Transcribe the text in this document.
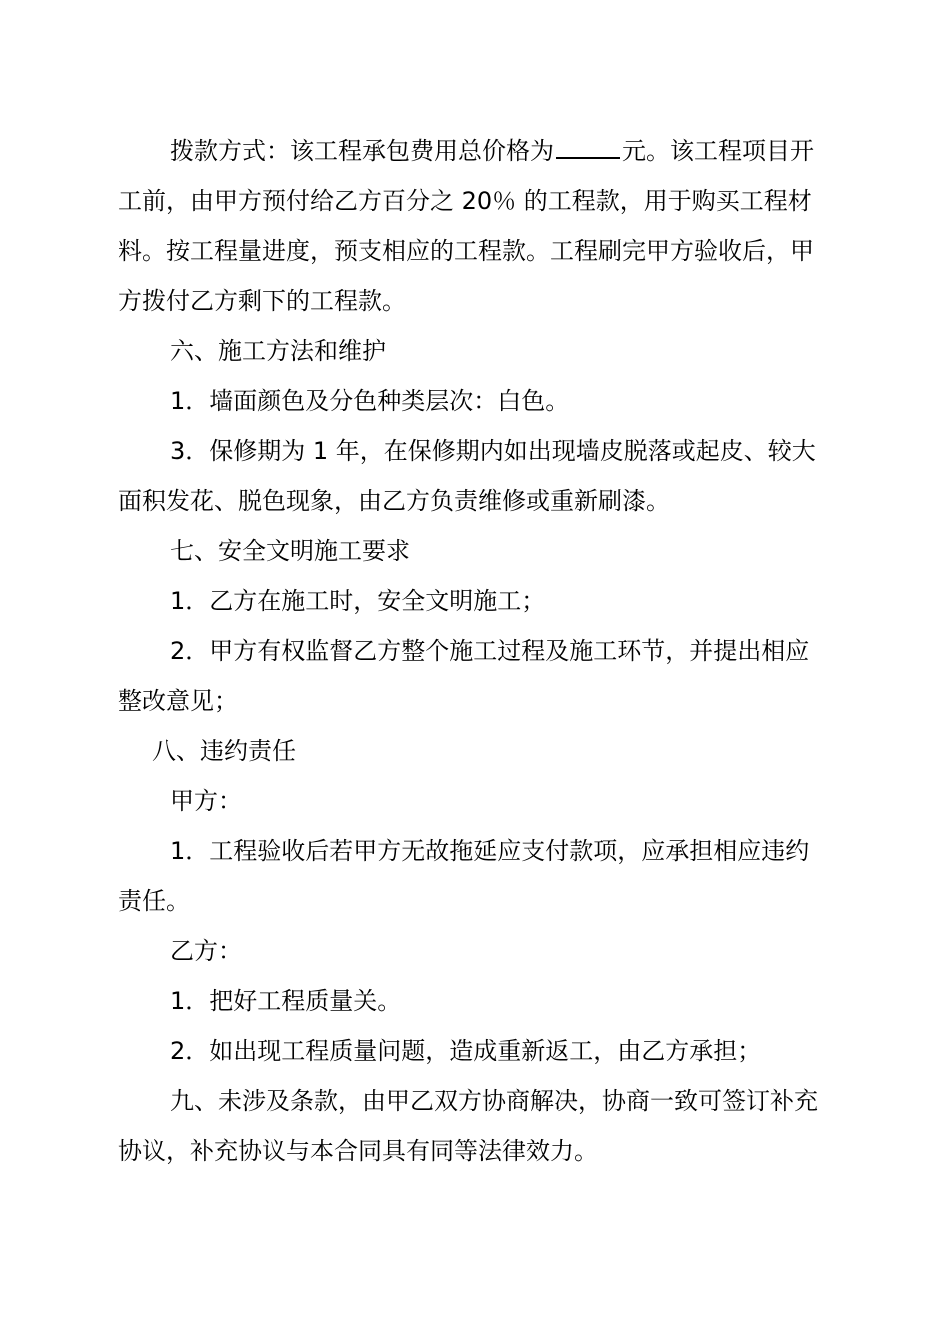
拨款方式：该工程承包费用总价格为	元。该工程项目开工前，由甲方预付给乙方百分之 20％ 的工程款，用于购买工程材料。按工程量进度，预支相应的工程款。工程刷完甲方验收后，甲方拨付乙方剩下的工程款。

六、施工方法和维护

1．墙面颜色及分色种类层次：白色。

3．保修期为 1 年，在保修期内如出现墙皮脱落或起皮、较大面积发花、脱色现象，由乙方负责维修或重新刷漆。

七、安全文明施工要求

1．乙方在施工时，安全文明施工；

2．甲方有权监督乙方整个施工过程及施工环节，并提出相应整改意见；

八、违约责任

甲方：

1．工程验收后若甲方无故拖延应支付款项，应承担相应违约责任。

乙方：

1．把好工程质量关。

2．如出现工程质量问题，造成重新返工，由乙方承担；

九、未涉及条款，由甲乙双方协商解决，协商一致可签订补充协议，补充协议与本合同具有同等法律效力。
